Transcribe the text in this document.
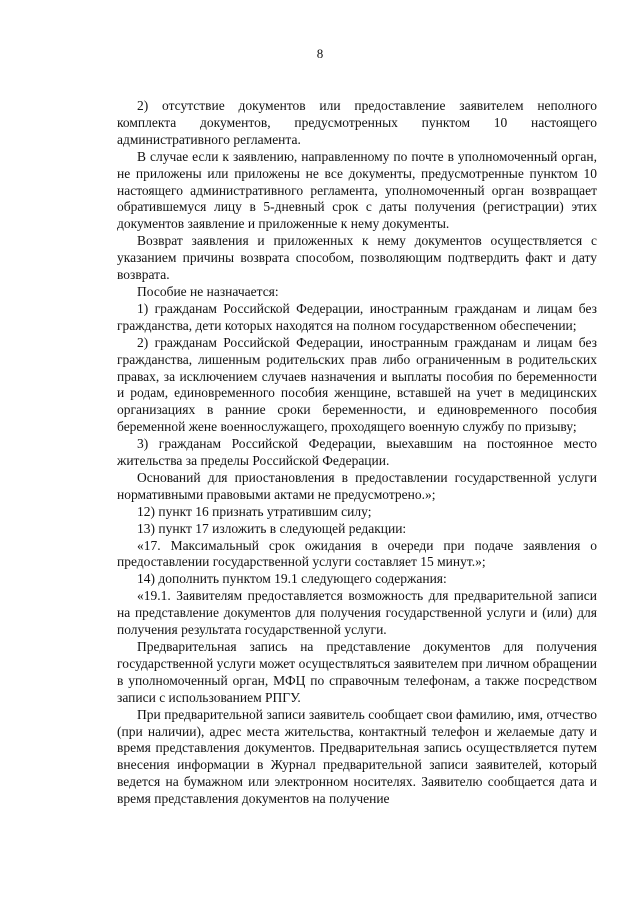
8

2) отсутствие документов или предоставление заявителем неполного комплекта документов, предусмотренных пунктом 10 настоящего административного регламента.

В случае если к заявлению, направленному по почте в уполномоченный орган, не приложены или приложены не все документы, предусмотренные пунктом 10 настоящего административного регламента, уполномоченный орган возвращает обратившемуся лицу в 5-дневный срок с даты получения (регистрации) этих документов заявление и приложенные к нему документы.

Возврат заявления и приложенных к нему документов осуществляется с указанием причины возврата способом, позволяющим подтвердить факт и дату возврата.

Пособие не назначается:

1) гражданам Российской Федерации, иностранным гражданам и лицам без гражданства, дети которых находятся на полном государственном обеспечении;

2) гражданам Российской Федерации, иностранным гражданам и лицам без гражданства, лишенным родительских прав либо ограниченным в родительских правах, за исключением случаев назначения и выплаты пособия по беременности и родам, единовременного пособия женщине, вставшей на учет в медицинских организациях в ранние сроки беременности, и единовременного пособия беременной жене военнослужащего, проходящего военную службу по призыву;

3) гражданам Российской Федерации, выехавшим на постоянное место жительства за пределы Российской Федерации.

Оснований для приостановления в предоставлении государственной услуги нормативными правовыми актами не предусмотрено.»;

12) пункт 16 признать утратившим силу;

13) пункт 17 изложить в следующей редакции:

«17. Максимальный срок ожидания в очереди при подаче заявления о предоставлении государственной услуги составляет 15 минут.»;

14) дополнить пунктом 19.1 следующего содержания:

«19.1. Заявителям предоставляется возможность для предварительной записи на представление документов для получения государственной услуги и (или) для получения результата государственной услуги.

Предварительная запись на представление документов для получения государственной услуги может осуществляться заявителем при личном обращении в уполномоченный орган, МФЦ по справочным телефонам, а также посредством записи с использованием РПГУ.

При предварительной записи заявитель сообщает свои фамилию, имя, отчество (при наличии), адрес места жительства, контактный телефон и желаемые дату и время представления документов. Предварительная запись осуществляется путем внесения информации в Журнал предварительной записи заявителей, который ведется на бумажном или электронном носителях. Заявителю сообщается дата и время представления документов на получение
